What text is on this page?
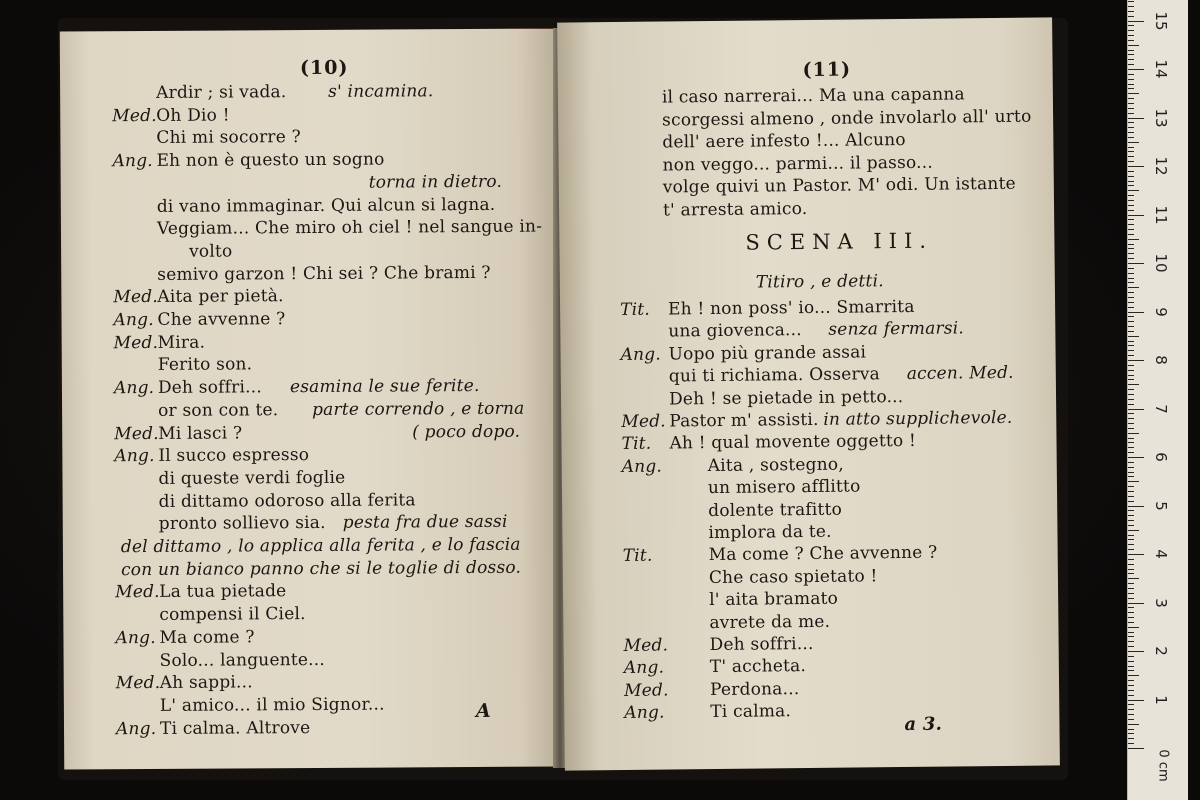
(10)
Ardir ; si vada. s' incamina.
Med. Oh Dio !
Chi mi socorre ?
Ang. Eh non è questo un sogno
torna in dietro.
di vano immaginar. Qui alcun si lagna.
Veggiam... Che miro oh ciel ! nel sangue in-
volto
semivo garzon ! Chi sei ? Che brami ?
Med. Aita per pietà.
Ang. Che avvenne ?
Med. Mira.
Ferito son.
Ang. Deh soffri... esamina le sue ferite.
or son con te. parte correndo , e torna
Med. Mi lasci ?	( poco dopo.
Ang. Il succo espresso
di queste verdi foglie
di dittamo odoroso alla ferita
pronto sollievo sia. pesta fra due sassi
del dittamo , lo applica alla ferita , e lo fascia
con un bianco panno che si le toglie di dosso.
Med. La tua pietade
compensi il Ciel.
Ang. Ma come ?
Solo... languente...
Med. Ah sappi...
L' amico... il mio Signor...
Ang. Ti calma. Altrove
A
(11)
il caso narrerai... Ma una capanna
scorgessi almeno , onde involarlo all' urto
dell' aere infesto !... Alcuno
non veggo... parmi... il passo...
volge quivi un Pastor. M' odi. Un istante
t' arresta amico.
SCENA III.
Titiro , e detti.
Tit. Eh ! non poss' io... Smarrita
una giovenca... senza fermarsi.
Ang. Uopo più grande assai
qui ti richiama. Osserva accen. Med.
Deh ! se pietade in petto...
Med. Pastor m' assisti. in atto supplichevole.
Tit. Ah ! qual movente oggetto !
Ang.	Aita , sostegno,
un misero afflitto
dolente trafitto
implora da te.
Tit.	Ma come ? Che avvenne ?
Che caso spietato !
l' aita bramato
avrete da me.
Med. Deh soffri...
Ang.	T' accheta.
Med. Perdona...
Ang.	Ti calma.
a 3.
1
2
3
4
5
6
7
8
9
10
11
12
13
14
15
0 cm
